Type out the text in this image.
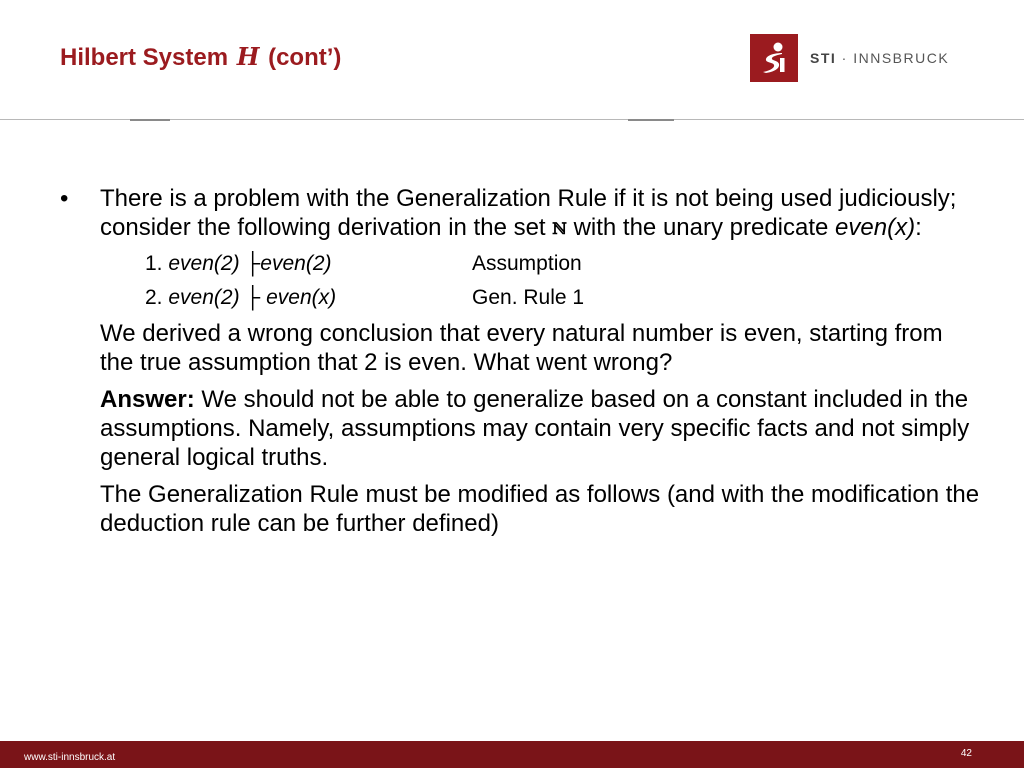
Hilbert System H (cont’)	STI · INNSBRUCK
• There is a problem with the Generalization Rule if it is not being used judiciously; consider the following derivation in the set ℕ with the unary predicate even(x):
1. even(2) ├even(2)	Assumption
2. even(2) ├ even(x)	Gen. Rule 1
We derived a wrong conclusion that every natural number is even, starting from the true assumption that 2 is even. What went wrong?
Answer: We should not be able to generalize based on a constant included in the assumptions. Namely, assumptions may contain very specific facts and not simply general logical truths.
The Generalization Rule must be modified as follows (and with the modification the deduction rule can be further defined)
www.sti-innsbruck.at	42
